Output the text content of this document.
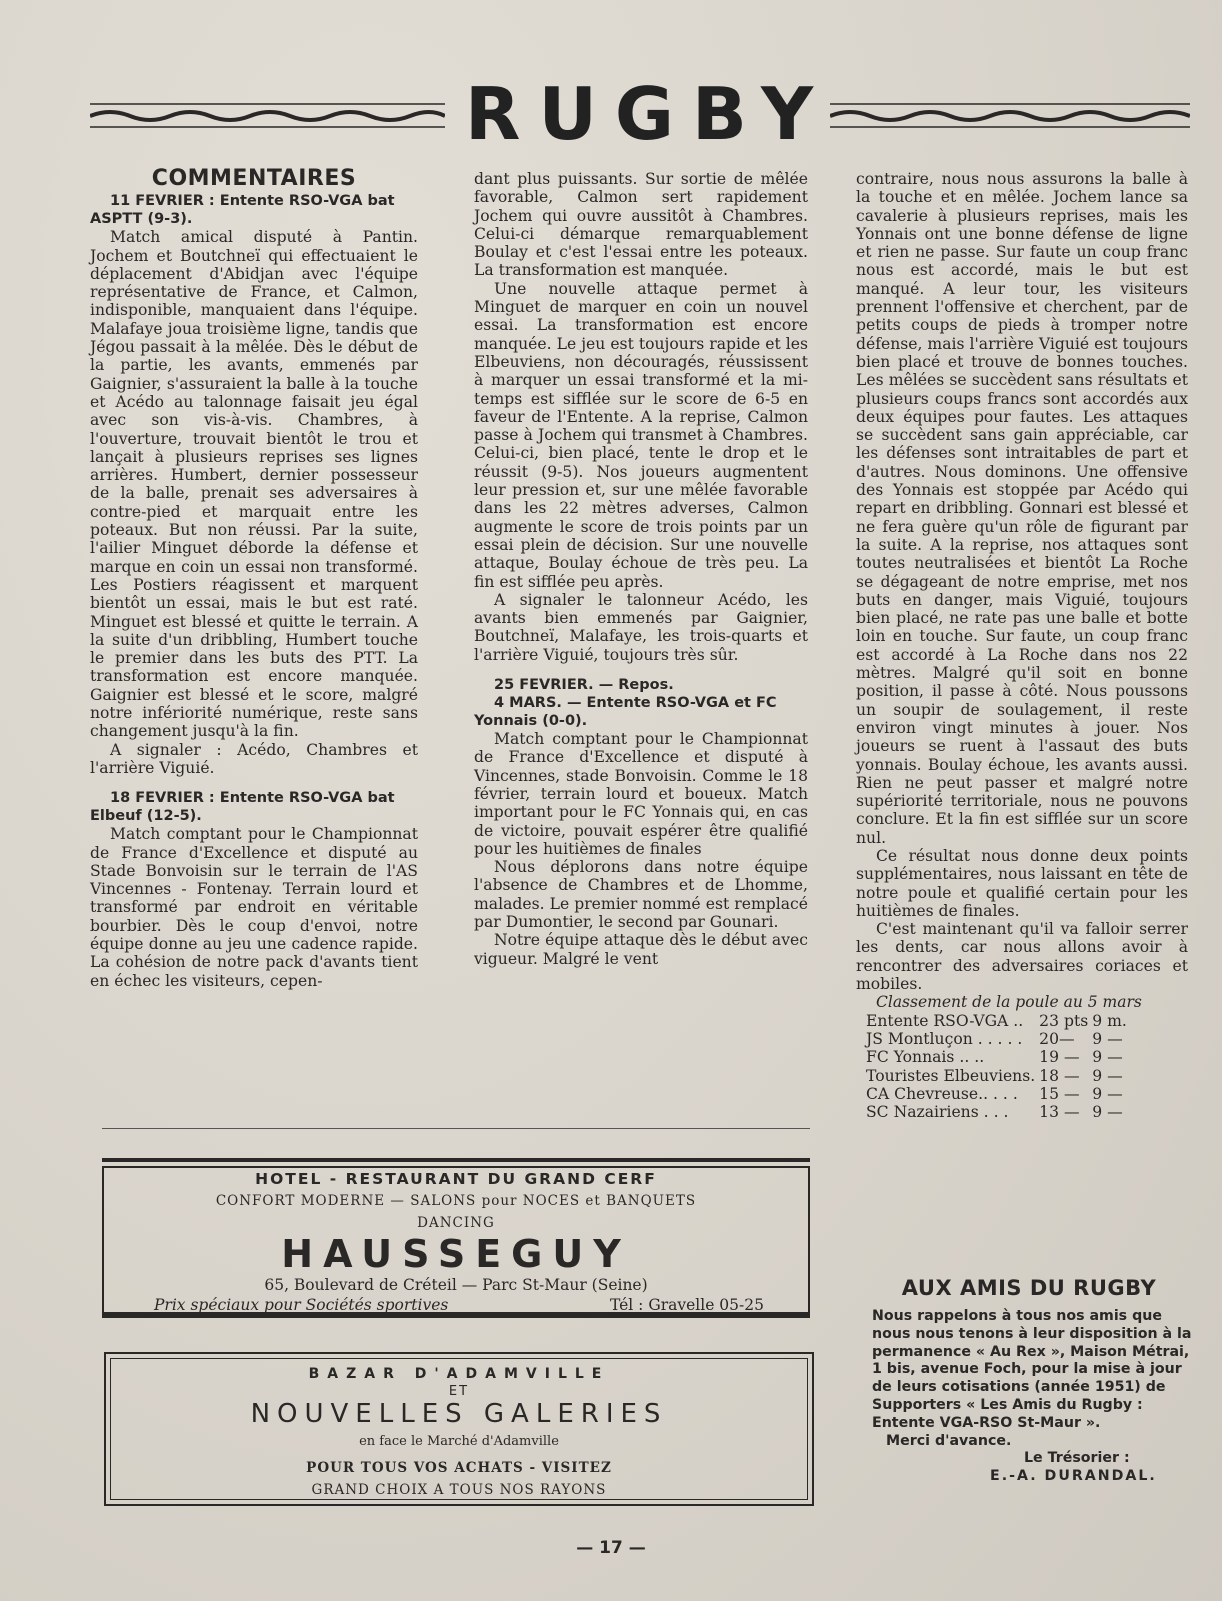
RUGBY
COMMENTAIRES

11 FEVRIER : Entente RSO-VGA bat ASPTT (9-3).

Match amical disputé à Pantin. Jochem et Boutchneï qui effectuaient le déplacement d'Abidjan avec l'équipe représentative de France, et Calmon, indisponible, manquaient dans l'équipe. Malafaye joua troisième ligne, tandis que Jégou passait à la mêlée. Dès le début de la partie, les avants, emmenés par Gaignier, s'assuraient la balle à la touche et Acédo au talonnage faisait jeu égal avec son vis-à-vis. Chambres, à l'ouverture, trouvait bientôt le trou et lançait à plusieurs reprises ses lignes arrières. Humbert, dernier possesseur de la balle, prenait ses adversaires à contre-pied et marquait entre les poteaux. But non réussi. Par la suite, l'ailier Minguet déborde la défense et marque en coin un essai non transformé. Les Postiers réagissent et marquent bientôt un essai, mais le but est raté. Minguet est blessé et quitte le terrain. A la suite d'un dribbling, Humbert touche le premier dans les buts des PTT. La transformation est encore manquée. Gaignier est blessé et le score, malgré notre infériorité numérique, reste sans changement jusqu'à la fin.

A signaler : Acédo, Chambres et l'arrière Viguié.

18 FEVRIER : Entente RSO-VGA bat Elbeuf (12-5).

Match comptant pour le Championnat de France d'Excellence et disputé au Stade Bonvoisin sur le terrain de l'AS Vincennes - Fontenay. Terrain lourd et transformé par endroit en véritable bourbier. Dès le coup d'envoi, notre équipe donne au jeu une cadence rapide. La cohésion de notre pack d'avants tient en échec les visiteurs, cepen-

dant plus puissants. Sur sortie de mêlée favorable, Calmon sert rapidement Jochem qui ouvre aussitôt à Chambres. Celui-ci démarque remarquablement Boulay et c'est l'essai entre les poteaux. La transformation est manquée.

Une nouvelle attaque permet à Minguet de marquer en coin un nouvel essai. La transformation est encore manquée. Le jeu est toujours rapide et les Elbeuviens, non découragés, réussissent à marquer un essai transformé et la mi-temps est sifflée sur le score de 6-5 en faveur de l'Entente. A la reprise, Calmon passe à Jochem qui transmet à Chambres. Celui-ci, bien placé, tente le drop et le réussit (9-5). Nos joueurs augmentent leur pression et, sur une mêlée favorable dans les 22 mètres adverses, Calmon augmente le score de trois points par un essai plein de décision. Sur une nouvelle attaque, Boulay échoue de très peu. La fin est sifflée peu après.

A signaler le talonneur Acédo, les avants bien emmenés par Gaignier, Boutchneï, Malafaye, les trois-quarts et l'arrière Viguié, toujours très sûr.

25 FEVRIER. — Repos.

4 MARS. — Entente RSO-VGA et FC Yonnais (0-0).

Match comptant pour le Championnat de France d'Excellence et disputé à Vincennes, stade Bonvoisin. Comme le 18 février, terrain lourd et boueux. Match important pour le FC Yonnais qui, en cas de victoire, pouvait espérer être qualifié pour les huitièmes de finales

Nous déplorons dans notre équipe l'absence de Chambres et de Lhomme, malades. Le premier nommé est remplacé par Dumontier, le second par Gounari.

Notre équipe attaque dès le début avec vigueur. Malgré le vent

contraire, nous nous assurons la balle à la touche et en mêlée. Jochem lance sa cavalerie à plusieurs reprises, mais les Yonnais ont une bonne défense de ligne et rien ne passe. Sur faute un coup franc nous est accordé, mais le but est manqué. A leur tour, les visiteurs prennent l'offensive et cherchent, par de petits coups de pieds à tromper notre défense, mais l'arrière Viguié est toujours bien placé et trouve de bonnes touches. Les mêlées se succèdent sans résultats et plusieurs coups francs sont accordés aux deux équipes pour fautes. Les attaques se succèdent sans gain appréciable, car les défenses sont intraitables de part et d'autres. Nous dominons. Une offensive des Yonnais est stoppée par Acédo qui repart en dribbling. Gonnari est blessé et ne fera guère qu'un rôle de figurant par la suite. A la reprise, nos attaques sont toutes neutralisées et bientôt La Roche se dégageant de notre emprise, met nos buts en danger, mais Viguié, toujours bien placé, ne rate pas une balle et botte loin en touche. Sur faute, un coup franc est accordé à La Roche dans nos 22 mètres. Malgré qu'il soit en bonne position, il passe à côté. Nous poussons un soupir de soulagement, il reste environ vingt minutes à jouer. Nos joueurs se ruent à l'assaut des buts yonnais. Boulay échoue, les avants aussi. Rien ne peut passer et malgré notre supériorité territoriale, nous ne pouvons conclure. Et la fin est sifflée sur un score nul.

Ce résultat nous donne deux points supplémentaires, nous laissant en tête de notre poule et qualifié certain pour les huitièmes de finales.

C'est maintenant qu'il va falloir serrer les dents, car nous allons avoir à rencontrer des adversaires coriaces et mobiles.

Classement de la poule au 5 mars

Entente RSO-VGA ..	23 pts	9 m.
JS Montluçon . . . . .	20—	9 —
FC Yonnais .. ..	19 —	9 —
Touristes Elbeuviens.	18 —	9 —
CA Chevreuse.. . . .	15 —	9 —
SC Nazairiens . . .	13 —	9 —
HOTEL - RESTAURANT DU GRAND CERF
CONFORT MODERNE — SALONS pour NOCES et BANQUETS
DANCING
HAUSSEGUY
65, Boulevard de Créteil — Parc St-Maur (Seine)
Prix spéciaux pour Sociétés sportives	Tél : Gravelle 05-25
BAZAR D'ADAMVILLE
ET
NOUVELLES GALERIES
en face le Marché d'Adamville
POUR TOUS VOS ACHATS - VISITEZ
GRAND CHOIX A TOUS NOS RAYONS
AUX AMIS DU RUGBY
Nous rappelons à tous nos amis que nous nous tenons à leur disposition à la permanence « Au Rex », Maison Métrai, 1 bis, avenue Foch, pour la mise à jour de leurs cotisations (année 1951) de Supporters « Les Amis du Rugby : Entente VGA-RSO St-Maur ».
Merci d'avance.
Le Trésorier :
E.-A. DURANDAL.
— 17 —
